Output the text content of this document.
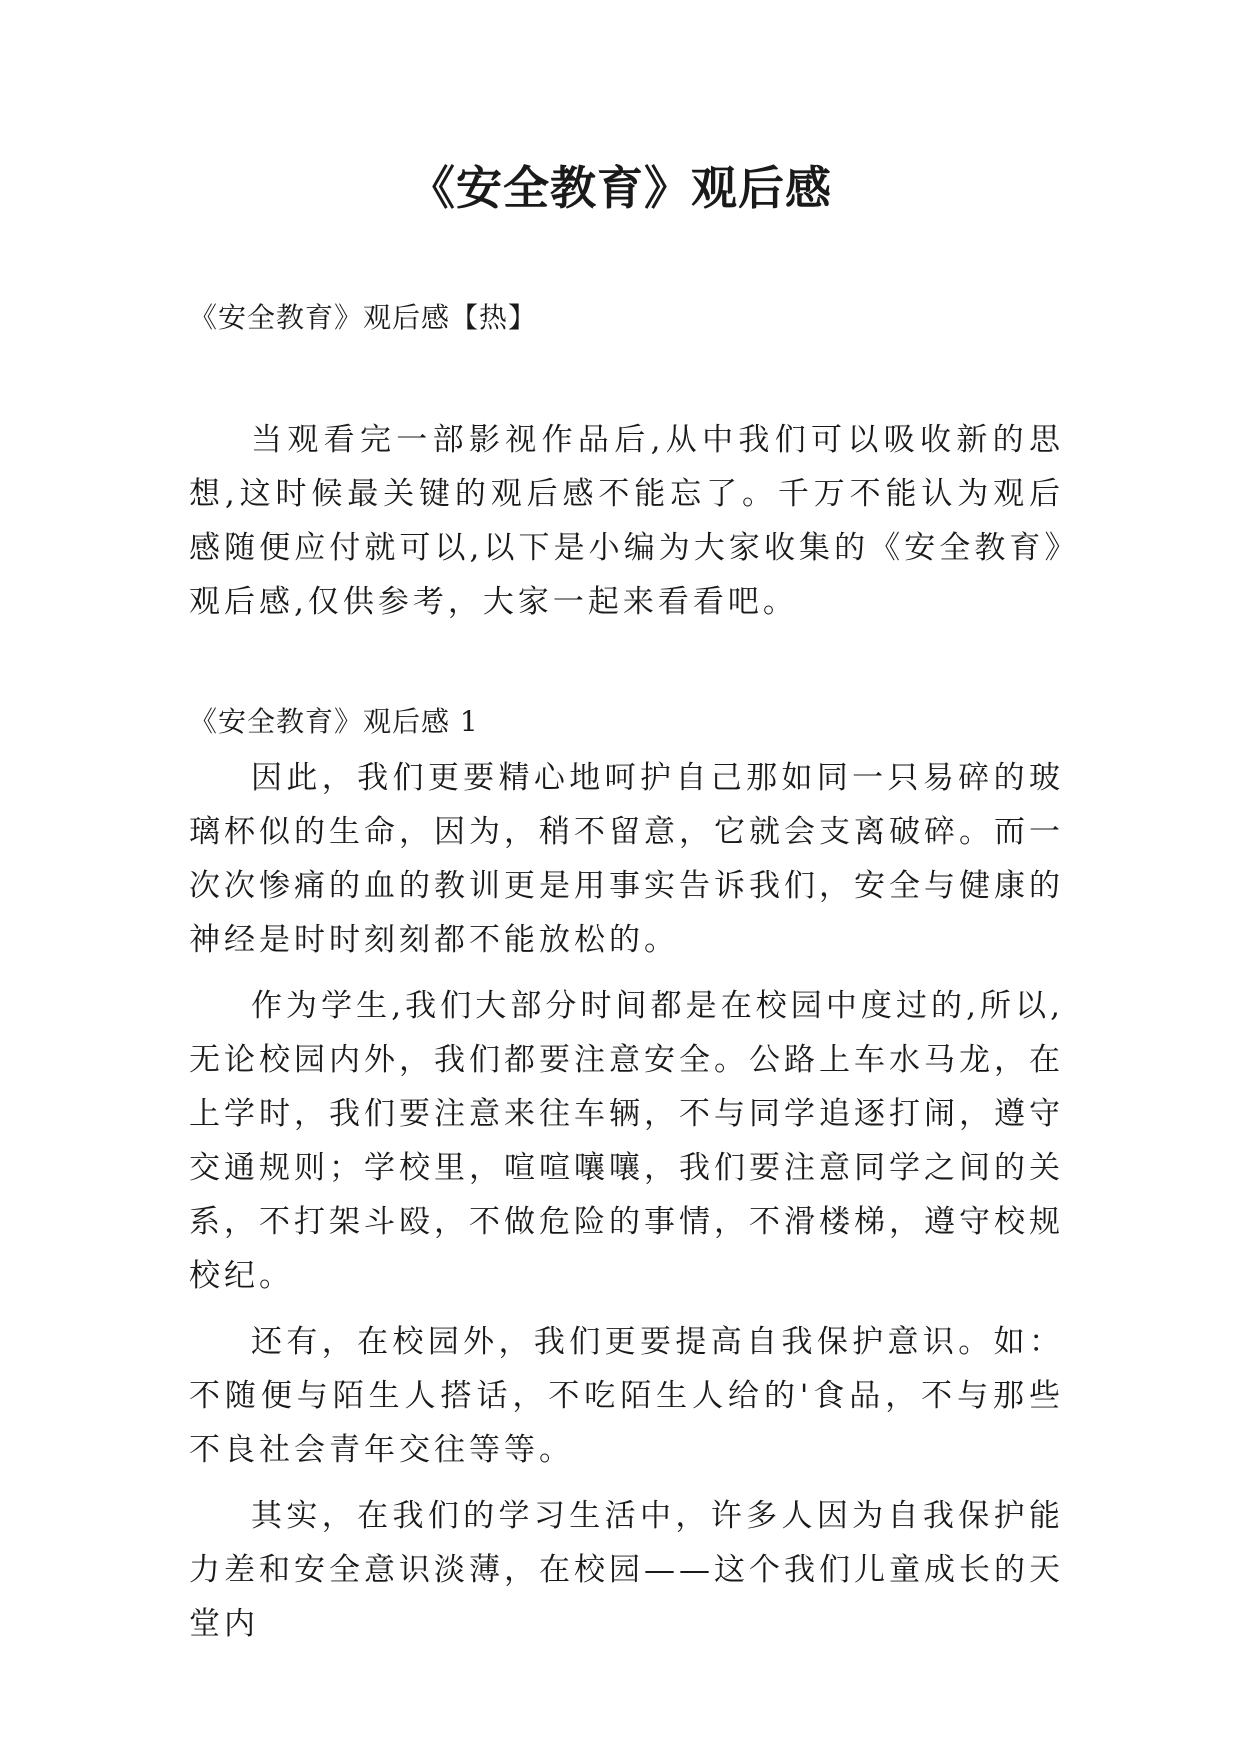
《安全教育》观后感
《安全教育》观后感【热】

当观看完一部影视作品后,从中我们可以吸收新的思想,这时候最关键的观后感不能忘了。千万不能认为观后感随便应付就可以,以下是小编为大家收集的《安全教育》观后感,仅供参考，大家一起来看看吧。

《安全教育》观后感 1

因此，我们更要精心地呵护自己那如同一只易碎的玻璃杯似的生命，因为，稍不留意，它就会支离破碎。而一次次惨痛的血的教训更是用事实告诉我们，安全与健康的神经是时时刻刻都不能放松的。

作为学生,我们大部分时间都是在校园中度过的,所以,无论校园内外，我们都要注意安全。公路上车水马龙，在上学时，我们要注意来往车辆，不与同学追逐打闹，遵守交通规则；学校里，喧喧嚷嚷，我们要注意同学之间的关系，不打架斗殴，不做危险的事情，不滑楼梯，遵守校规校纪。

还有，在校园外，我们更要提高自我保护意识。如：不随便与陌生人搭话，不吃陌生人给的'食品，不与那些不良社会青年交往等等。

其实，在我们的学习生活中，许多人因为自我保护能力差和安全意识淡薄，在校园——这个我们儿童成长的天堂内
